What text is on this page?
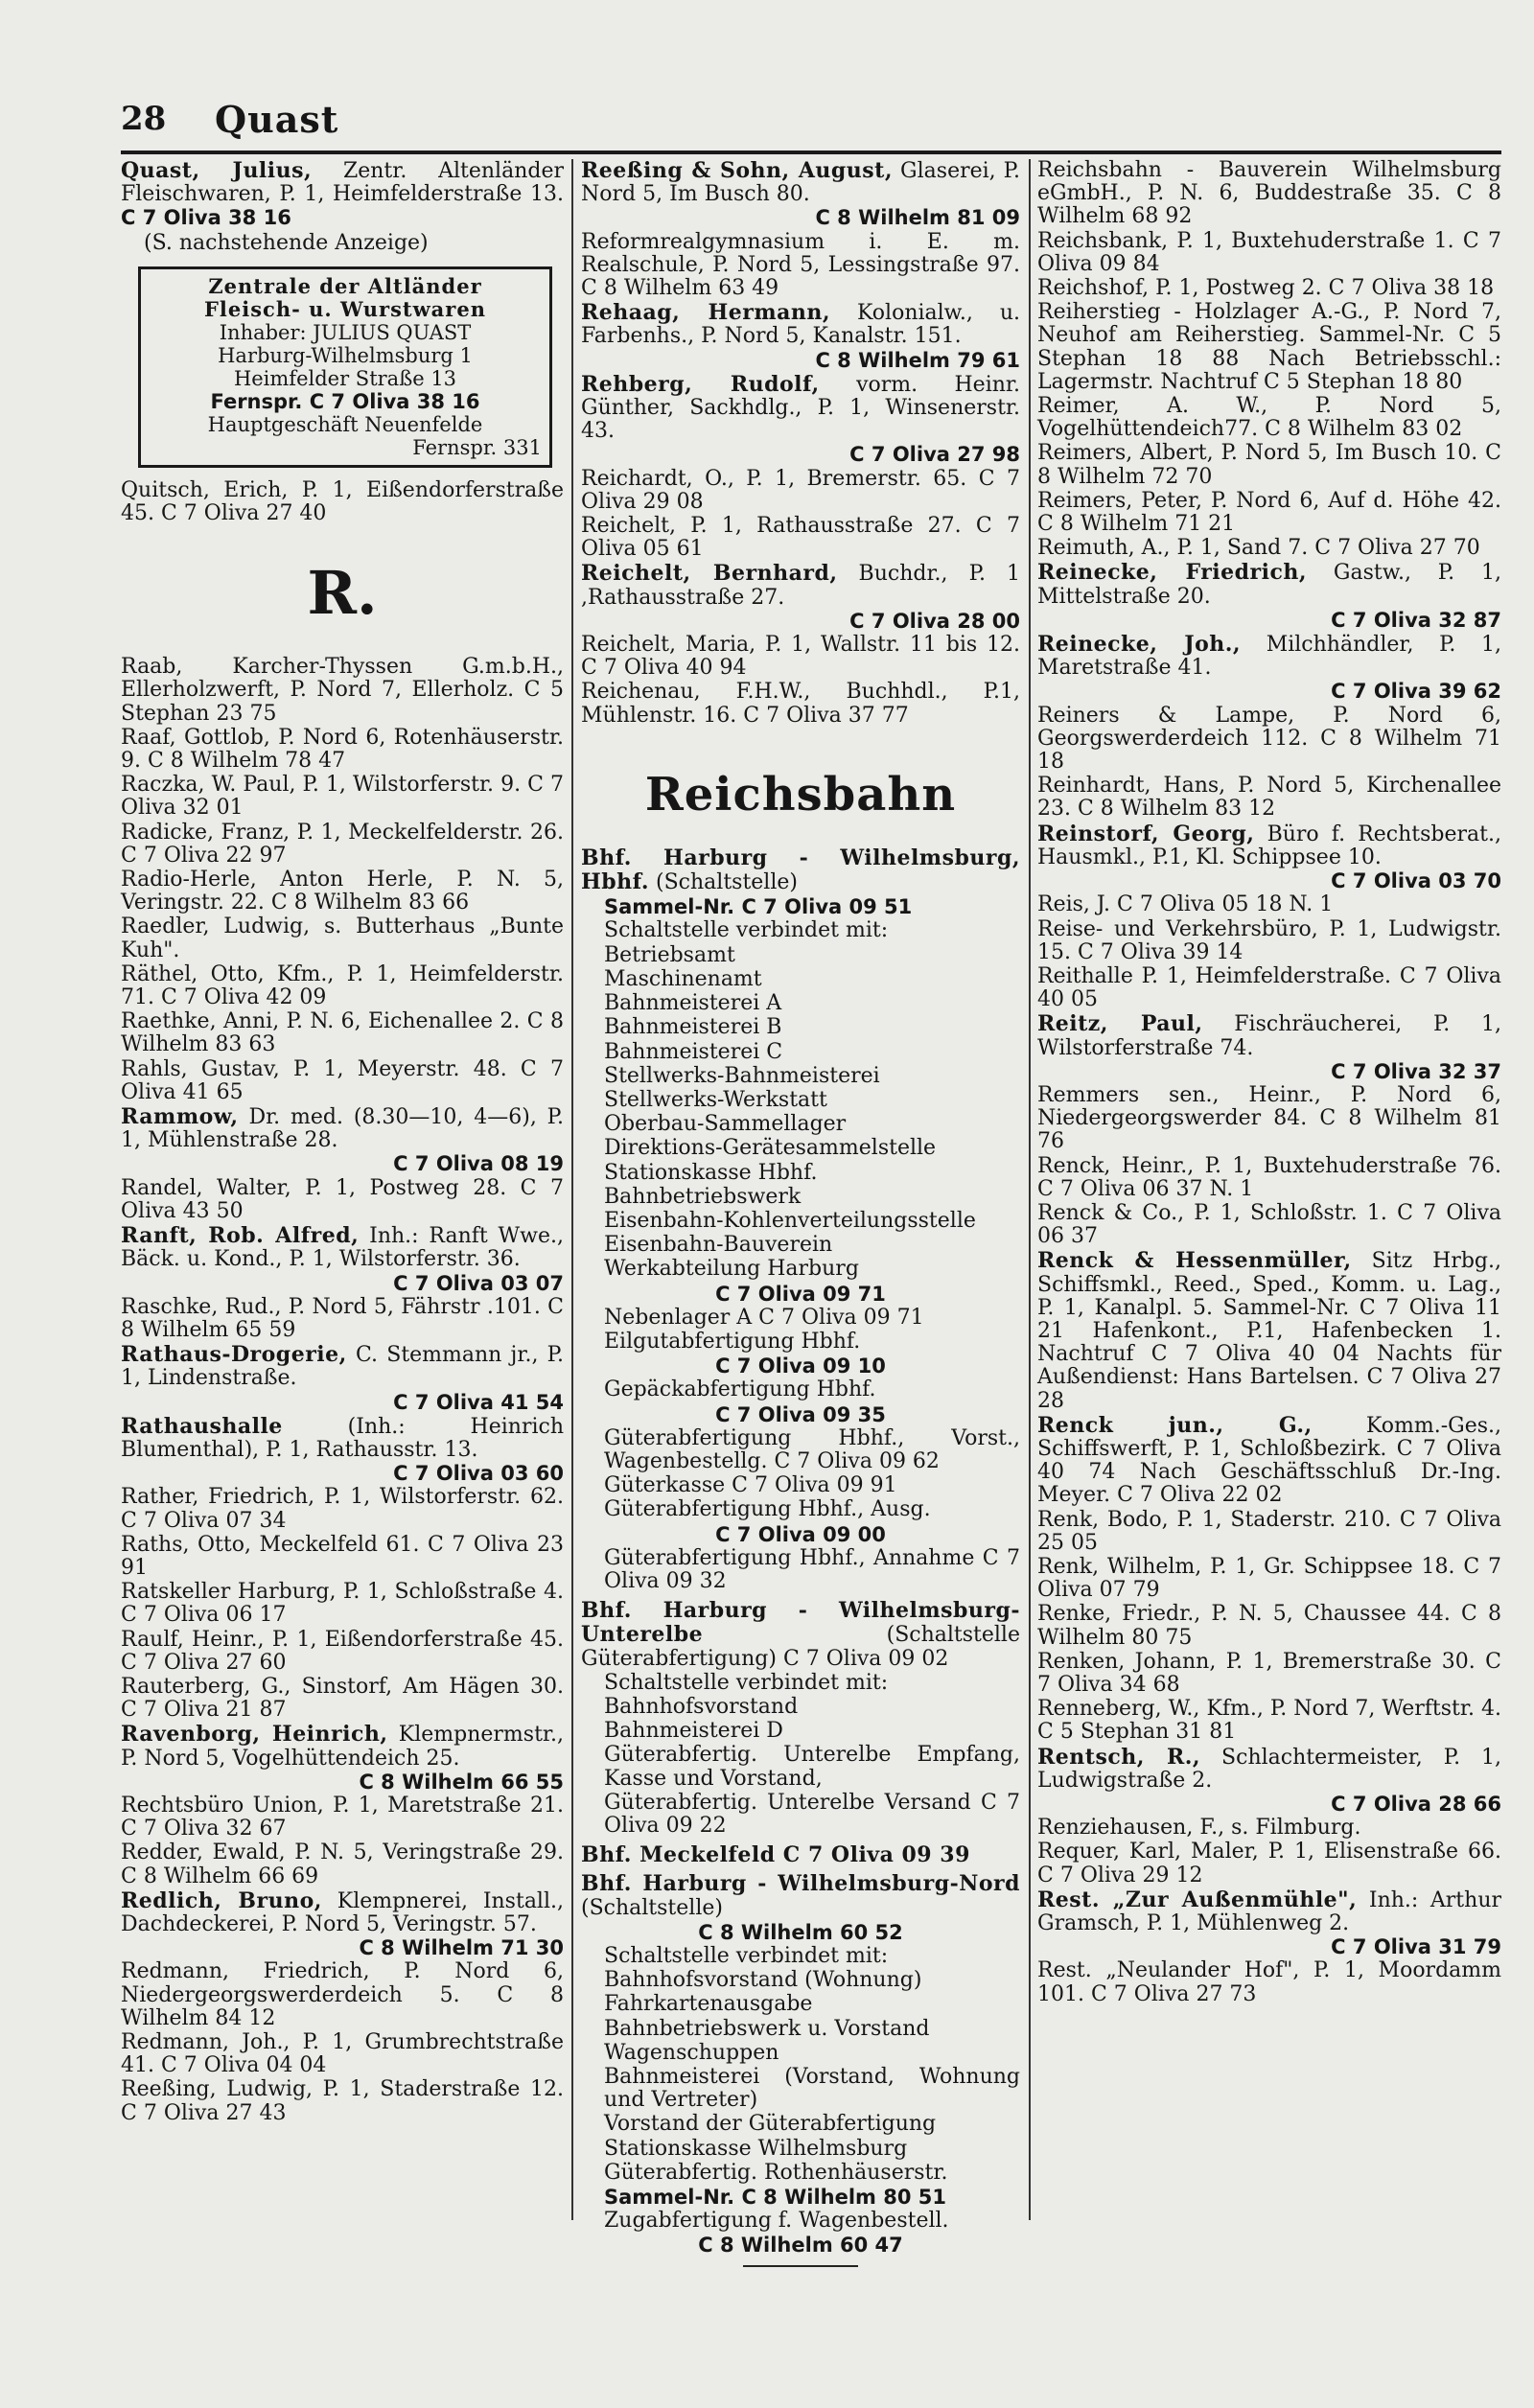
28 Quast
Quast, Julius, Zentr. Altenländer Fleischwaren, P. 1, Heimfelderstraße 13. C 7 Oliva 38 16
(S. nachstehende Anzeige)
Zentrale der Altländer
Fleisch- u. Wurstwaren
Inhaber: JULIUS QUAST
Harburg-Wilhelmsburg 1
Heimfelder Straße 13
Fernspr. C 7 Oliva 38 16
Hauptgeschäft Neuenfelde
Fernspr. 331
Quitsch, Erich, P. 1, Eißendorferstraße 45. C 7 Oliva 27 40
R.
Raab, Karcher-Thyssen G.m.b.H., Ellerholzwerft, P. Nord 7, Ellerholz. C 5 Stephan 23 75
Raaf, Gottlob, P. Nord 6, Rotenhäuserstr. 9. C 8 Wilhelm 78 47
Raczka, W. Paul, P. 1, Wilstorferstr. 9. C 7 Oliva 32 01
Radicke, Franz, P. 1, Meckelfelderstr. 26. C 7 Oliva 22 97
Radio-Herle, Anton Herle, P. N. 5, Veringstr. 22. C 8 Wilhelm 83 66
Raedler, Ludwig, s. Butterhaus „Bunte Kuh".
Räthel, Otto, Kfm., P. 1, Heimfelderstr. 71. C 7 Oliva 42 09
Raethke, Anni, P. N. 6, Eichenallee 2. C 8 Wilhelm 83 63
Rahls, Gustav, P. 1, Meyerstr. 48. C 7 Oliva 41 65
Rammow, Dr. med. (8.30—10, 4—6), P. 1, Mühlenstraße 28.
C 7 Oliva 08 19
Randel, Walter, P. 1, Postweg 28. C 7 Oliva 43 50
Ranft, Rob. Alfred, Inh.: Ranft Wwe., Bäck. u. Kond., P. 1, Wilstorferstr. 36.
C 7 Oliva 03 07
Raschke, Rud., P. Nord 5, Fährstr .101. C 8 Wilhelm 65 59
Rathaus-Drogerie, C. Stemmann jr., P. 1, Lindenstraße.
C 7 Oliva 41 54
Rathaushalle	(Inh.: Heinrich Blumenthal), P. 1, Rathausstr. 13.
C 7 Oliva 03 60
Rather, Friedrich, P. 1, Wilstorferstr. 62. C 7 Oliva 07 34
Raths, Otto, Meckelfeld 61. C 7 Oliva 23 91
Ratskeller Harburg, P. 1, Schloßstraße 4. C 7 Oliva 06 17
Raulf, Heinr., P. 1, Eißendorferstraße 45. C 7 Oliva 27 60
Rauterberg, G., Sinstorf, Am Hägen 30. C 7 Oliva 21 87
Ravenborg, Heinrich, Klempnermstr., P. Nord 5, Vogelhüttendeich 25.
C 8 Wilhelm 66 55
Rechtsbüro Union, P. 1, Maretstraße 21. C 7 Oliva 32 67
Redder, Ewald, P. N. 5, Veringstraße 29. C 8 Wilhelm 66 69
Redlich, Bruno, Klempnerei, Install., Dachdeckerei, P. Nord 5, Veringstr. 57.
C 8 Wilhelm 71 30
Redmann, Friedrich, P. Nord 6, Niedergeorgswerderdeich 5. C 8 Wilhelm 84 12
Redmann, Joh., P. 1, Grumbrechtstraße 41. C 7 Oliva 04 04
Reeßing, Ludwig, P. 1, Staderstraße 12. C 7 Oliva 27 43
Reeßing & Sohn, August, Glaserei, P. Nord 5, Im Busch 80.
C 8 Wilhelm 81 09
Reformrealgymnasium i. E. m. Realschule, P. Nord 5, Lessingstraße 97. C 8 Wilhelm 63 49
Rehaag, Hermann, Kolonialw., u. Farbenhs., P. Nord 5, Kanalstr. 151.
C 8 Wilhelm 79 61
Rehberg, Rudolf, vorm. Heinr. Günther, Sackhdlg., P. 1, Winsenerstr. 43.
C 7 Oliva 27 98
Reichardt, O., P. 1, Bremerstr. 65. C 7 Oliva 29 08
Reichelt, P. 1, Rathausstraße 27. C 7 Oliva 05 61
Reichelt, Bernhard, Buchdr., P. 1 ,Rathausstraße 27.
C 7 Oliva 28 00
Reichelt, Maria, P. 1, Wallstr. 11 bis 12. C 7 Oliva 40 94
Reichenau, F.H.W., Buchhdl., P.1, Mühlenstr. 16. C 7 Oliva 37 77
Reichsbahn
Bhf. Harburg - Wilhelmsburg, Hbhf. (Schaltstelle)
Sammel-Nr. C 7 Oliva 09 51
Schaltstelle verbindet mit:
Betriebsamt
Maschinenamt
Bahnmeisterei A
Bahnmeisterei B
Bahnmeisterei C
Stellwerks-Bahnmeisterei
Stellwerks-Werkstatt
Oberbau-Sammellager
Direktions-Gerätesammelstelle
Stationskasse Hbhf.
Bahnbetriebswerk
Eisenbahn-Kohlenverteilungsstelle
Eisenbahn-Bauverein
Werkabteilung Harburg
C 7 Oliva 09 71
Nebenlager A C 7 Oliva 09 71
Eilgutabfertigung Hbhf.
C 7 Oliva 09 10
Gepäckabfertigung Hbhf.
C 7 Oliva 09 35
Güterabfertigung Hbhf., Vorst., Wagenbestellg. C 7 Oliva 09 62
Güterkasse C 7 Oliva 09 91
Güterabfertigung Hbhf., Ausg.
C 7 Oliva 09 00
Güterabfertigung Hbhf., Annahme C 7 Oliva 09 32
Bhf. Harburg - Wilhelmsburg-Unterelbe	(Schaltstelle Güterabfertigung) C 7 Oliva 09 02
Schaltstelle verbindet mit:
Bahnhofsvorstand
Bahnmeisterei D
Güterabfertig. Unterelbe Empfang, Kasse und Vorstand,
Güterabfertig. Unterelbe Versand C 7 Oliva 09 22
Bhf. Meckelfeld C 7 Oliva 09 39
Bhf. Harburg - Wilhelmsburg-Nord (Schaltstelle)
C 8 Wilhelm 60 52
Schaltstelle verbindet mit:
Bahnhofsvorstand (Wohnung)
Fahrkartenausgabe
Bahnbetriebswerk u. Vorstand
Wagenschuppen
Bahnmeisterei (Vorstand, Wohnung und Vertreter)
Vorstand der Güterabfertigung
Stationskasse Wilhelmsburg
Güterabfertig. Rothenhäuserstr.
Sammel-Nr. C 8 Wilhelm 80 51
Zugabfertigung f. Wagenbestell.
C 8 Wilhelm 60 47
Reichsbahn - Bauverein Wilhelmsburg eGmbH., P. N. 6, Buddestraße 35. C 8 Wilhelm 68 92
Reichsbank, P. 1, Buxtehuderstraße 1. C 7 Oliva 09 84
Reichshof, P. 1, Postweg 2. C 7 Oliva 38 18
Reiherstieg - Holzlager A.-G., P. Nord 7, Neuhof am Reiherstieg. Sammel-Nr. C 5 Stephan 18 88 Nach Betriebsschl.: Lagermstr. Nachtruf C 5 Stephan 18 80
Reimer, A. W., P. Nord 5, Vogelhüttendeich77. C 8 Wilhelm 83 02
Reimers, Albert, P. Nord 5, Im Busch 10. C 8 Wilhelm 72 70
Reimers, Peter, P. Nord 6, Auf d. Höhe 42. C 8 Wilhelm 71 21
Reimuth, A., P. 1, Sand 7. C 7 Oliva 27 70
Reinecke, Friedrich, Gastw., P. 1, Mittelstraße 20.
C 7 Oliva 32 87
Reinecke, Joh., Milchhändler, P. 1, Maretstraße 41.
C 7 Oliva 39 62
Reiners & Lampe, P. Nord 6, Georgswerderdeich 112. C 8 Wilhelm 71 18
Reinhardt, Hans, P. Nord 5, Kirchenallee 23. C 8 Wilhelm 83 12
Reinstorf, Georg, Büro f. Rechtsberat., Hausmkl., P.1, Kl. Schippsee 10.
C 7 Oliva 03 70
Reis, J. C 7 Oliva 05 18 N. 1
Reise- und Verkehrsbüro, P. 1, Ludwigstr. 15. C 7 Oliva 39 14
Reithalle P. 1, Heimfelderstraße. C 7 Oliva 40 05
Reitz, Paul, Fischräucherei, P. 1, Wilstorferstraße 74.
C 7 Oliva 32 37
Remmers sen., Heinr., P. Nord 6, Niedergeorgswerder 84. C 8 Wilhelm 81 76
Renck, Heinr., P. 1, Buxtehuderstraße 76. C 7 Oliva 06 37 N. 1
Renck & Co., P. 1, Schloßstr. 1. C 7 Oliva 06 37
Renck & Hessenmüller, Sitz Hrbg., Schiffsmkl., Reed., Sped., Komm. u. Lag., P. 1, Kanalpl. 5. Sammel-Nr. C 7 Oliva 11 21 Hafenkont., P.1, Hafenbecken 1. Nachtruf C 7 Oliva 40 04 Nachts für Außendienst: Hans Bartelsen. C 7 Oliva 27 28
Renck jun., G.,	Komm.-Ges., Schiffswerft, P. 1, Schloßbezirk. C 7 Oliva 40 74 Nach Geschäftsschluß Dr.-Ing. Meyer. C 7 Oliva 22 02
Renk, Bodo, P. 1, Staderstr. 210. C 7 Oliva 25 05
Renk, Wilhelm, P. 1, Gr. Schippsee 18. C 7 Oliva 07 79
Renke, Friedr., P. N. 5, Chaussee 44. C 8 Wilhelm 80 75
Renken, Johann, P. 1, Bremerstraße 30. C 7 Oliva 34 68
Renneberg, W., Kfm., P. Nord 7, Werftstr. 4. C 5 Stephan 31 81
Rentsch, R., Schlachtermeister, P. 1, Ludwigstraße 2.
C 7 Oliva 28 66
Renziehausen, F., s. Filmburg.
Requer, Karl, Maler, P. 1, Elisenstraße 66. C 7 Oliva 29 12
Rest. „Zur Außenmühle", Inh.: Arthur Gramsch, P. 1, Mühlenweg 2.
C 7 Oliva 31 79
Rest. „Neulander Hof", P. 1, Moordamm 101. C 7 Oliva 27 73
